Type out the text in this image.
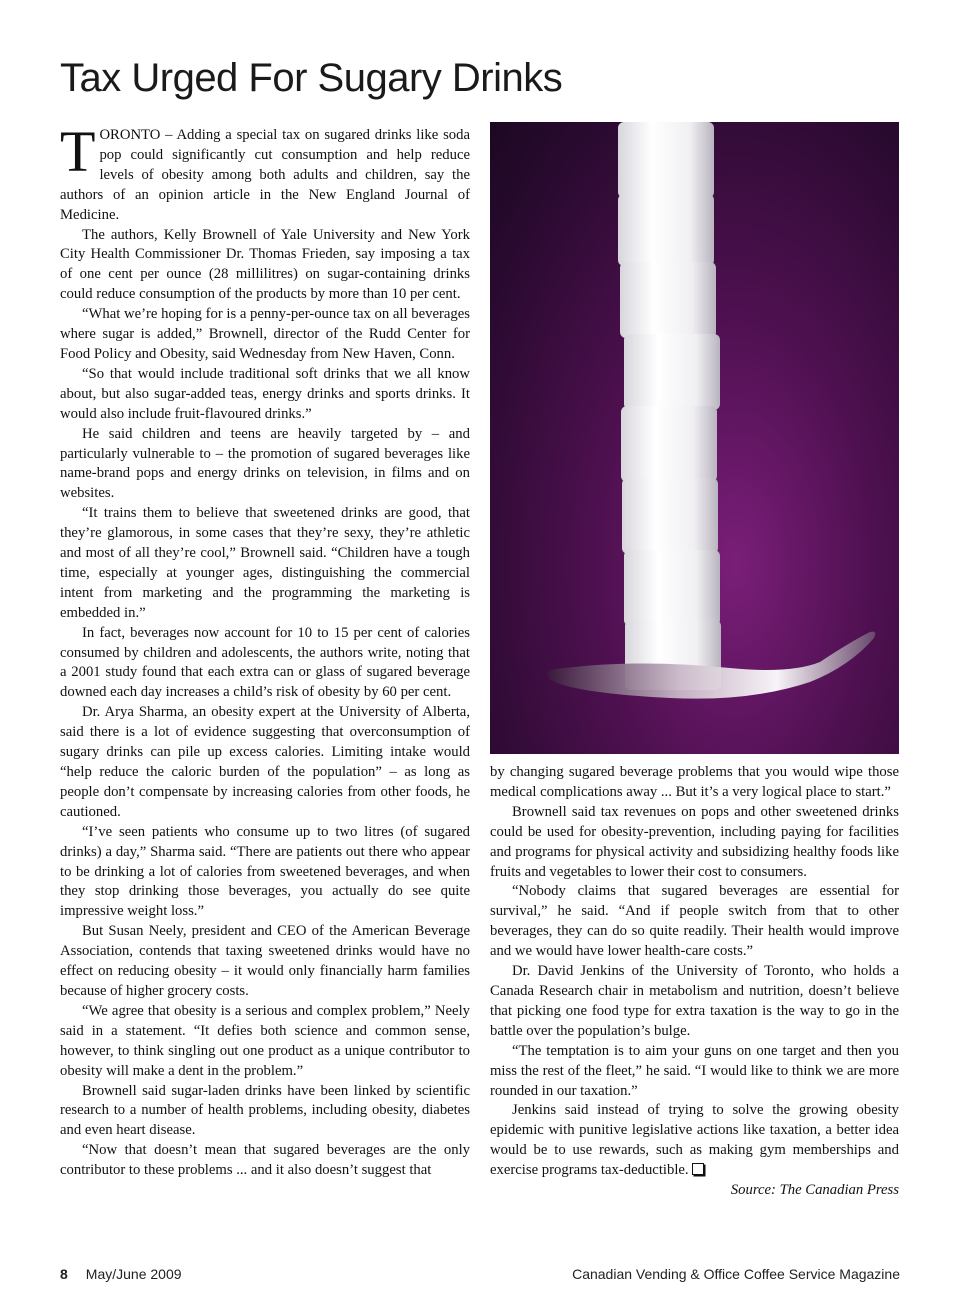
Tax Urged For Sugary Drinks

TORONTO – Adding a special tax on sugared drinks like soda pop could significantly cut consumption and help reduce levels of obesity among both adults and children, say the authors of an opinion article in the New England Journal of Medicine.

The authors, Kelly Brownell of Yale University and New York City Health Commissioner Dr. Thomas Frieden, say imposing a tax of one cent per ounce (28 millilitres) on sugar-containing drinks could reduce consumption of the products by more than 10 per cent.

“What we’re hoping for is a penny-per-ounce tax on all beverages where sugar is added,” Brownell, director of the Rudd Center for Food Policy and Obesity, said Wednesday from New Haven, Conn.

“So that would include traditional soft drinks that we all know about, but also sugar-added teas, energy drinks and sports drinks. It would also include fruit-flavoured drinks.”

He said children and teens are heavily targeted by – and particularly vulnerable to – the promotion of sugared beverages like name-brand pops and energy drinks on television, in films and on websites.

“It trains them to believe that sweetened drinks are good, that they’re glamorous, in some cases that they’re sexy, they’re athletic and most of all they’re cool,” Brownell said. “Children have a tough time, especially at younger ages, distinguishing the commercial intent from marketing and the programming the marketing is embedded in.”

In fact, beverages now account for 10 to 15 per cent of calories consumed by children and adolescents, the authors write, noting that a 2001 study found that each extra can or glass of sugared beverage downed each day increases a child’s risk of obesity by 60 per cent.

Dr. Arya Sharma, an obesity expert at the University of Alberta, said there is a lot of evidence suggesting that overconsumption of sugary drinks can pile up excess calories. Limiting intake would “help reduce the caloric burden of the population” – as long as people don’t compensate by increasing calories from other foods, he cautioned.

“I’ve seen patients who consume up to two litres (of sugared drinks) a day,” Sharma said. “There are patients out there who appear to be drinking a lot of calories from sweetened beverages, and when they stop drinking those beverages, you actually do see quite impressive weight loss.”

But Susan Neely, president and CEO of the American Beverage Association, contends that taxing sweetened drinks would have no effect on reducing obesity – it would only financially harm families because of higher grocery costs.

“We agree that obesity is a serious and complex problem,” Neely said in a statement. “It defies both science and common sense, however, to think singling out one product as a unique contributor to obesity will make a dent in the problem.”

Brownell said sugar-laden drinks have been linked by scientific research to a number of health problems, including obesity, diabetes and even heart disease.

“Now that doesn’t mean that sugared beverages are the only contributor to these problems ... and it also doesn’t suggest that

by changing sugared beverage problems that you would wipe those medical complications away ... But it’s a very logical place to start.”

Brownell said tax revenues on pops and other sweetened drinks could be used for obesity-prevention, including paying for facilities and programs for physical activity and subsidizing healthy foods like fruits and vegetables to lower their cost to consumers.

“Nobody claims that sugared beverages are essential for survival,” he said. “And if people switch from that to other beverages, they can do so quite readily. Their health would improve and we would have lower health-care costs.”

Dr. David Jenkins of the University of Toronto, who holds a Canada Research chair in metabolism and nutrition, doesn’t believe that picking one food type for extra taxation is the way to go in the battle over the population’s bulge.

“The temptation is to aim your guns on one target and then you miss the rest of the fleet,” he said. “I would like to think we are more rounded in our taxation.”

Jenkins said instead of trying to solve the growing obesity epidemic with punitive legislative actions like taxation, a better idea would be to use rewards, such as making gym memberships and exercise programs tax-deductible.

Source: The Canadian Press

8 May/June 2009	Canadian Vending & Office Coffee Service Magazine
